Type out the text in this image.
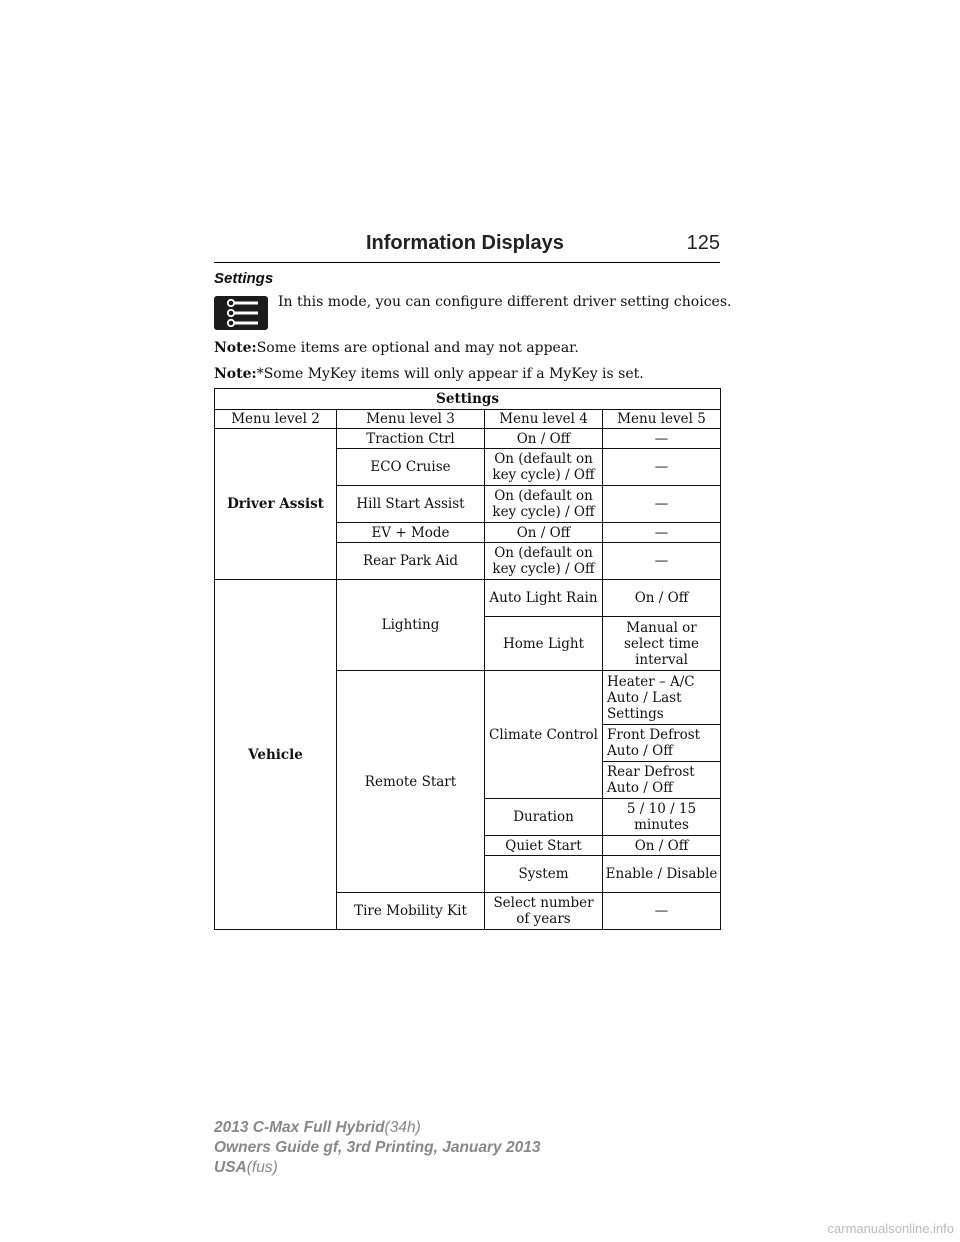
Information Displays	125
Settings
In this mode, you can configure different driver setting choices.
Note:Some items are optional and may not appear.
Note:*Some MyKey items will only appear if a MyKey is set.
Settings			
Menu level 2	Menu level 3	Menu level 4	Menu level 5
Driver Assist	Traction Ctrl	On / Off	—
	ECO Cruise	On (default on key cycle) / Off	—
	Hill Start Assist	On (default on key cycle) / Off	—
	EV + Mode	On / Off	—
	Rear Park Aid	On (default on key cycle) / Off	—
Vehicle	Lighting	Auto Light Rain	On / Off
		Home Light	Manual or select time interval
	Remote Start	Climate Control	Heater – A/C Auto / Last Settings
			Front Defrost Auto / Off
			Rear Defrost Auto / Off
		Duration	5 / 10 / 15 minutes
		Quiet Start	On / Off
		System	Enable / Disable
	Tire Mobility Kit	Select number of years	—
2013 C-Max Full Hybrid(34h)
Owners Guide gf, 3rd Printing, January 2013
USA(fus)
carmanualsonline.info
